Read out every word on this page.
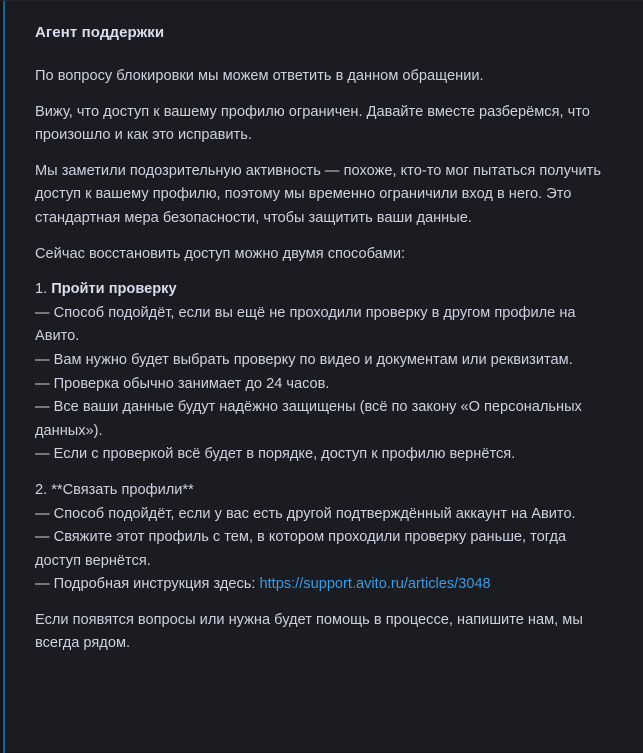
Агент поддержки

По вопросу блокировки мы можем ответить в данном обращении.

Вижу, что доступ к вашему профилю ограничен. Давайте вместе разберёмся, что произошло и как это исправить.

Мы заметили подозрительную активность — похоже, кто-то мог пытаться получить доступ к вашему профилю, поэтому мы временно ограничили вход в него. Это стандартная мера безопасности, чтобы защитить ваши данные.

Сейчас восстановить доступ можно двумя способами:

1. Пройти проверку
— Способ подойдёт, если вы ещё не проходили проверку в другом профиле на Авито.
— Вам нужно будет выбрать проверку по видео и документам или реквизитам.
— Проверка обычно занимает до 24 часов.
— Все ваши данные будут надёжно защищены (всё по закону «О персональных данных»).
— Если с проверкой всё будет в порядке, доступ к профилю вернётся.
2. **Связать профили**
— Способ подойдёт, если у вас есть другой подтверждённый аккаунт на Авито.
— Свяжите этот профиль с тем, в котором проходили проверку раньше, тогда доступ вернётся.
— Подробная инструкция здесь: https://support.avito.ru/articles/3048

Если появятся вопросы или нужна будет помощь в процессе, напишите нам, мы всегда рядом.
